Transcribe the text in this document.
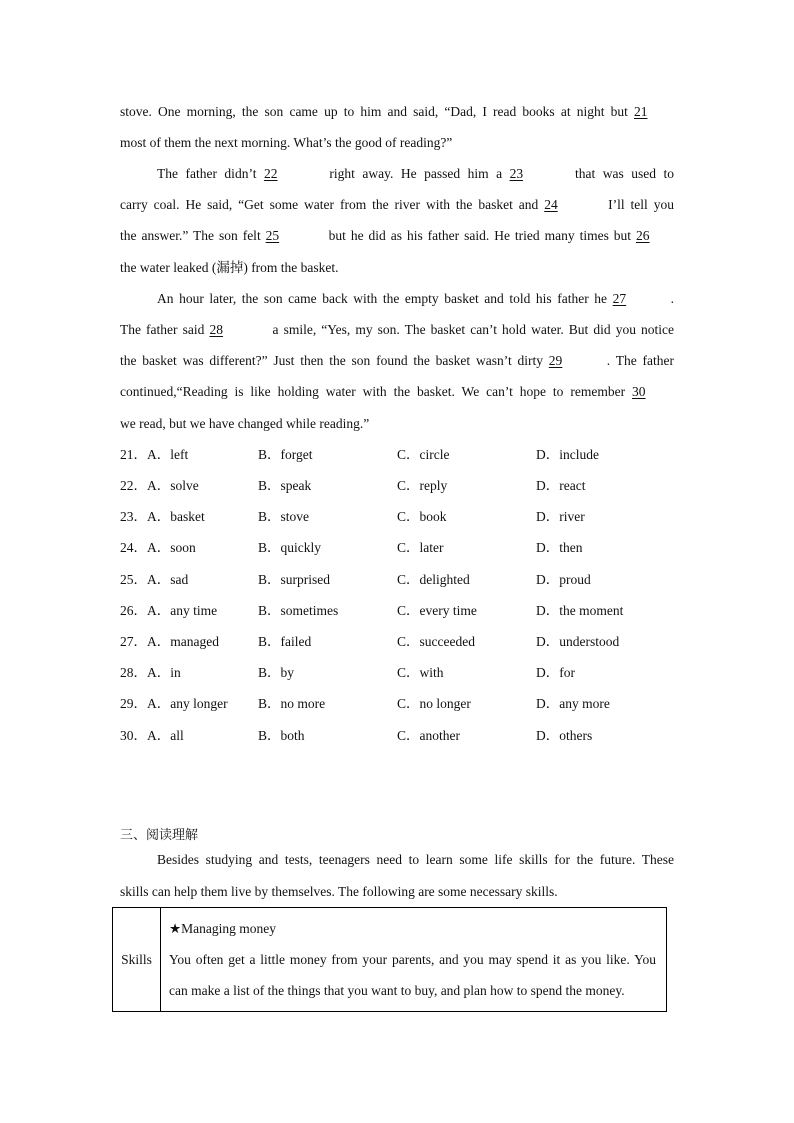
stove. One morning, the son came up to him and said, “Dad, I read books at night but 21
most of them the next morning. What’s the good of reading?”
The father didn’t 22	right away. He passed him a 23	that was used to
carry coal. He said, “Get some water from the river with the basket and 24	I’ll tell you
the answer.” The son felt 25	but he did as his father said. He tried many times but 26
the water leaked (漏掉) from the basket.
An hour later, the son came back with the empty basket and told his father he 27	.
The father said 28	a smile, “Yes, my son. The basket can’t hold water. But did you notice
the basket was different?” Just then the son found the basket wasn’t dirty 29	. The father
continued,“Reading is like holding water with the basket. We can’t hope to remember 30
we read, but we have changed while reading.”
21．A．left	B．forget	C．circle	D．include
22．A．solve	B．speak	C．reply	D．react
23．A．basket	B．stove	C．book	D．river
24．A．soon	B．quickly	C．later	D．then
25．A．sad	B．surprised	C．delighted	D．proud
26．A．any time	B．sometimes	C．every time	D．the moment
27．A．managed	B．failed	C．succeeded	D．understood
28．A．in	B．by	C．with	D．for
29．A．any longer B．no more	C．no longer	D．any more
30．A．all	B．both	C．another	D．others
三、阅读理解
Besides studying and tests, teenagers need to learn some life skills for the future. These
skills can help them live by themselves. The following are some necessary skills.
Skills	
★Managing money
You often get a little money from your parents, and you may spend it as you like. You
can make a list of the things that you want to buy, and plan how to spend the money.
